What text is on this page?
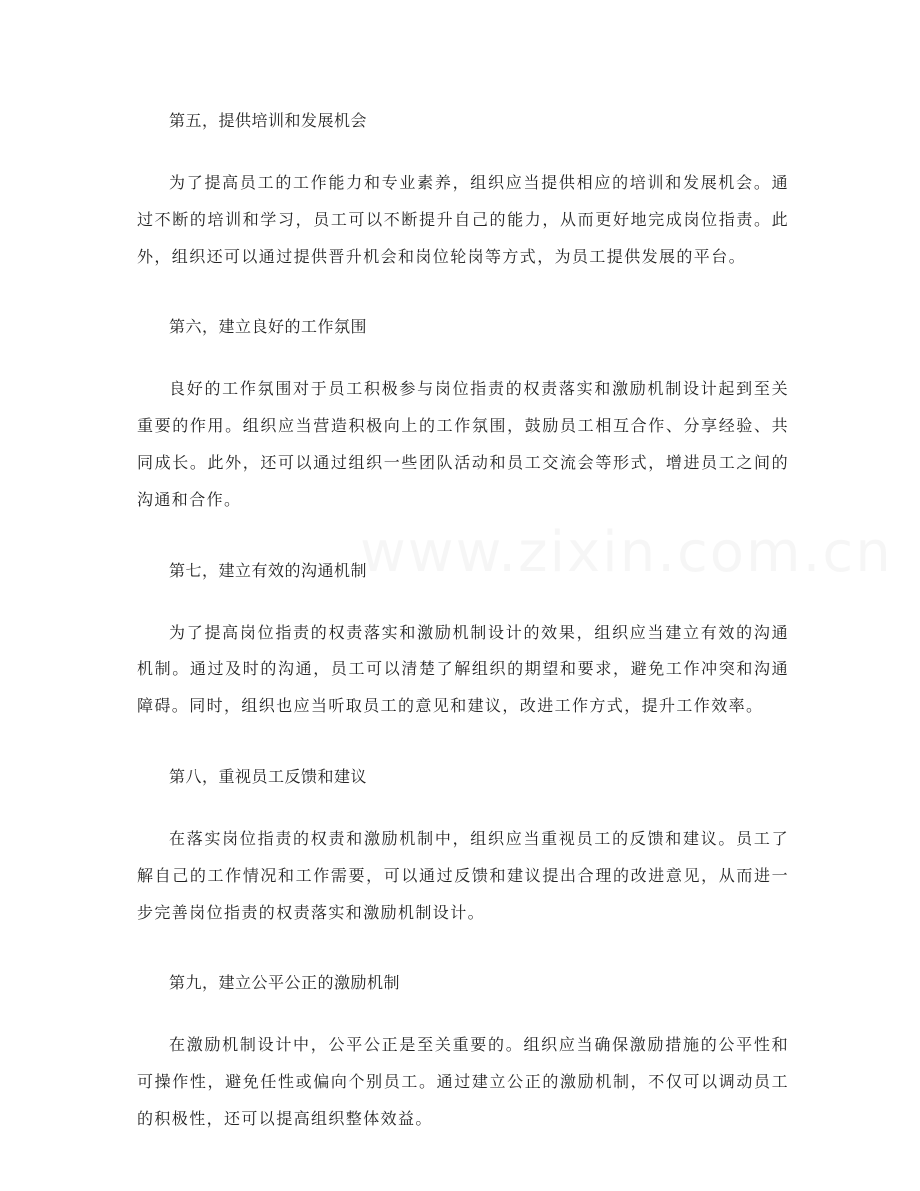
第五，提供培训和发展机会

为了提高员工的工作能力和专业素养，组织应当提供相应的培训和发展机会。通过不断的培训和学习，员工可以不断提升自己的能力，从而更好地完成岗位指责。此外，组织还可以通过提供晋升机会和岗位轮岗等方式，为员工提供发展的平台。

第六，建立良好的工作氛围

良好的工作氛围对于员工积极参与岗位指责的权责落实和激励机制设计起到至关重要的作用。组织应当营造积极向上的工作氛围，鼓励员工相互合作、分享经验、共同成长。此外，还可以通过组织一些团队活动和员工交流会等形式，增进员工之间的沟通和合作。

第七，建立有效的沟通机制

为了提高岗位指责的权责落实和激励机制设计的效果，组织应当建立有效的沟通机制。通过及时的沟通，员工可以清楚了解组织的期望和要求，避免工作冲突和沟通障碍。同时，组织也应当听取员工的意见和建议，改进工作方式，提升工作效率。

第八，重视员工反馈和建议

在落实岗位指责的权责和激励机制中，组织应当重视员工的反馈和建议。员工了解自己的工作情况和工作需要，可以通过反馈和建议提出合理的改进意见，从而进一步完善岗位指责的权责落实和激励机制设计。

第九，建立公平公正的激励机制

在激励机制设计中，公平公正是至关重要的。组织应当确保激励措施的公平性和可操作性，避免任性或偏向个别员工。通过建立公正的激励机制，不仅可以调动员工的积极性，还可以提高组织整体效益。
